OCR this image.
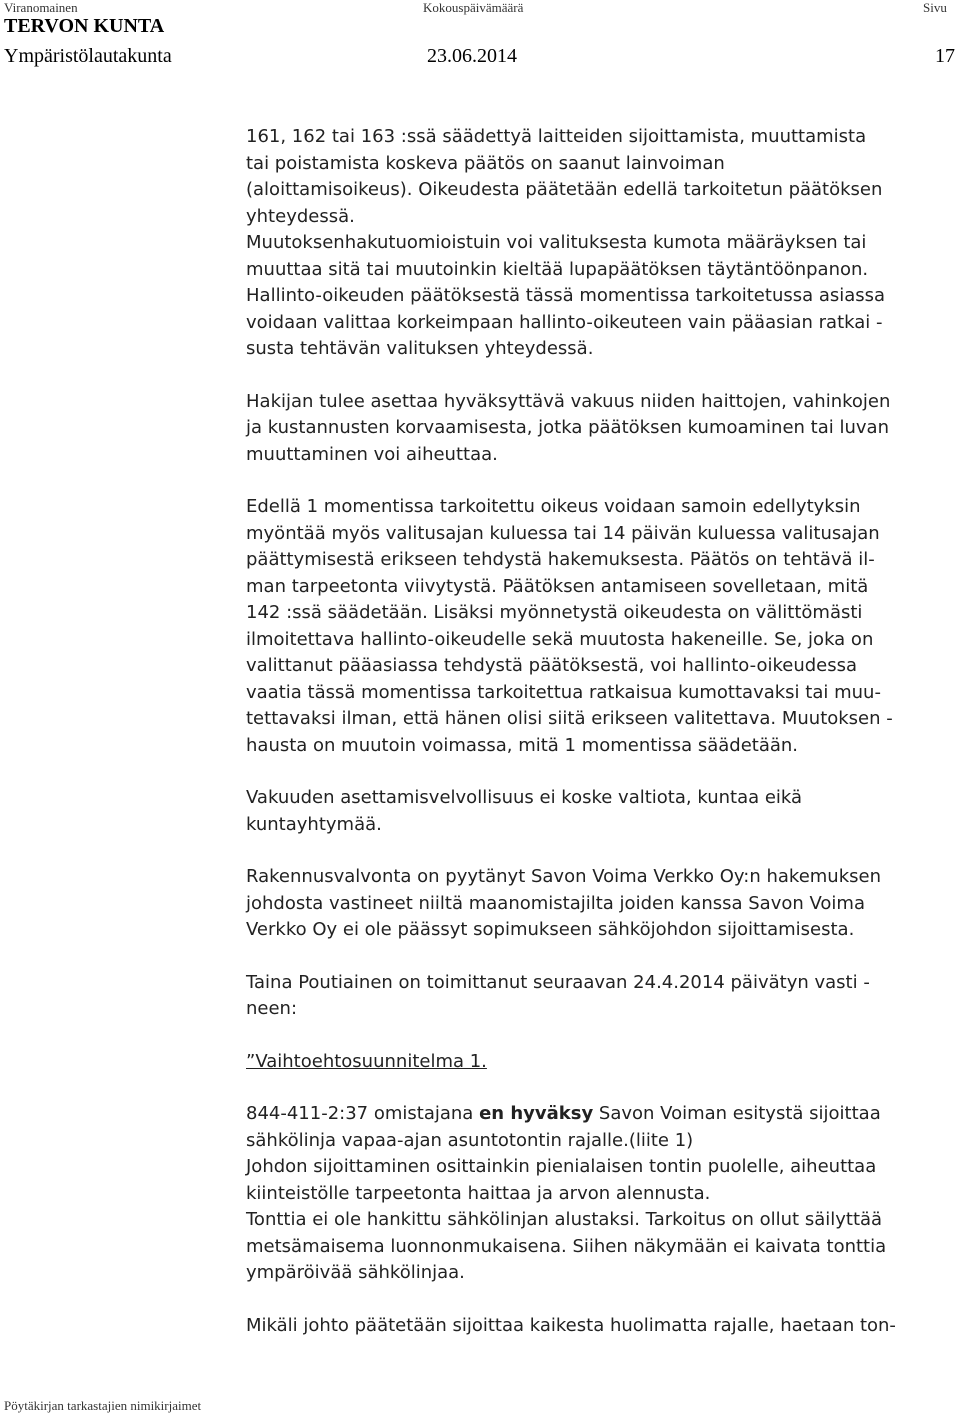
Viranomainen	Kokouspäivämäärä	Sivu
TERVON KUNTA
Ympäristölautakunta	23.06.2014	17

161, 162 tai 163 :ssä säädettyä laitteiden sijoittamista, muuttamista
tai poistamista koskeva päätös on saanut lainvoiman
(aloittamisoikeus). Oikeudesta päätetään edellä tarkoitetun päätöksen
yhteydessä.
Muutoksenhakutuomioistuin voi valituksesta kumota määräyksen tai
muuttaa sitä tai muutoinkin kieltää lupapäätöksen täytäntöönpanon.
Hallinto-oikeuden päätöksestä tässä momentissa tarkoitetussa asiassa
voidaan valittaa korkeimpaan hallinto-oikeuteen vain pääasian ratkai -
susta tehtävän valituksen yhteydessä.

Hakijan tulee asettaa hyväksyttävä vakuus niiden haittojen, vahinkojen
ja kustannusten korvaamisesta, jotka päätöksen kumoaminen tai luvan
muuttaminen voi aiheuttaa.

Edellä 1 momentissa tarkoitettu oikeus voidaan samoin edellytyksin
myöntää myös valitusajan kuluessa tai 14 päivän kuluessa valitusajan
päättymisestä erikseen tehdystä hakemuksesta. Päätös on tehtävä il-
man tarpeetonta viivytystä. Päätöksen antamiseen sovelletaan, mitä
142 :ssä säädetään. Lisäksi myönnetystä oikeudesta on välittömästi
ilmoitettava hallinto-oikeudelle sekä muutosta hakeneille. Se, joka on
valittanut pääasiassa tehdystä päätöksestä, voi hallinto-oikeudessa
vaatia tässä momentissa tarkoitettua ratkaisua kumottavaksi tai muu-
tettavaksi ilman, että hänen olisi siitä erikseen valitettava. Muutoksen -
hausta on muutoin voimassa, mitä 1 momentissa säädetään.

Vakuuden asettamisvelvollisuus ei koske valtiota, kuntaa eikä
kuntayhtymää.

Rakennusvalvonta on pyytänyt Savon Voima Verkko Oy:n hakemuksen
johdosta vastineet niiltä maanomistajilta joiden kanssa Savon Voima
Verkko Oy ei ole päässyt sopimukseen sähköjohdon sijoittamisesta.

Taina Poutiainen on toimittanut seuraavan 24.4.2014 päivätyn vasti -
neen:

”Vaihtoehtosuunnitelma 1.

844-411-2:37 omistajana en hyväksy Savon Voiman esitystä sijoittaa
sähkölinja vapaa-ajan asuntotontin rajalle.(liite 1)
Johdon sijoittaminen osittainkin pienialaisen tontin puolelle, aiheuttaa
kiinteistölle tarpeetonta haittaa ja arvon alennusta.
Tonttia ei ole hankittu sähkölinjan alustaksi. Tarkoitus on ollut säilyttää
metsämaisema luonnonmukaisena. Siihen näkymään ei kaivata tonttia
ympäröivää sähkölinjaa.

Mikäli johto päätetään sijoittaa kaikesta huolimatta rajalle, haetaan ton-

Pöytäkirjan tarkastajien nimikirjaimet
